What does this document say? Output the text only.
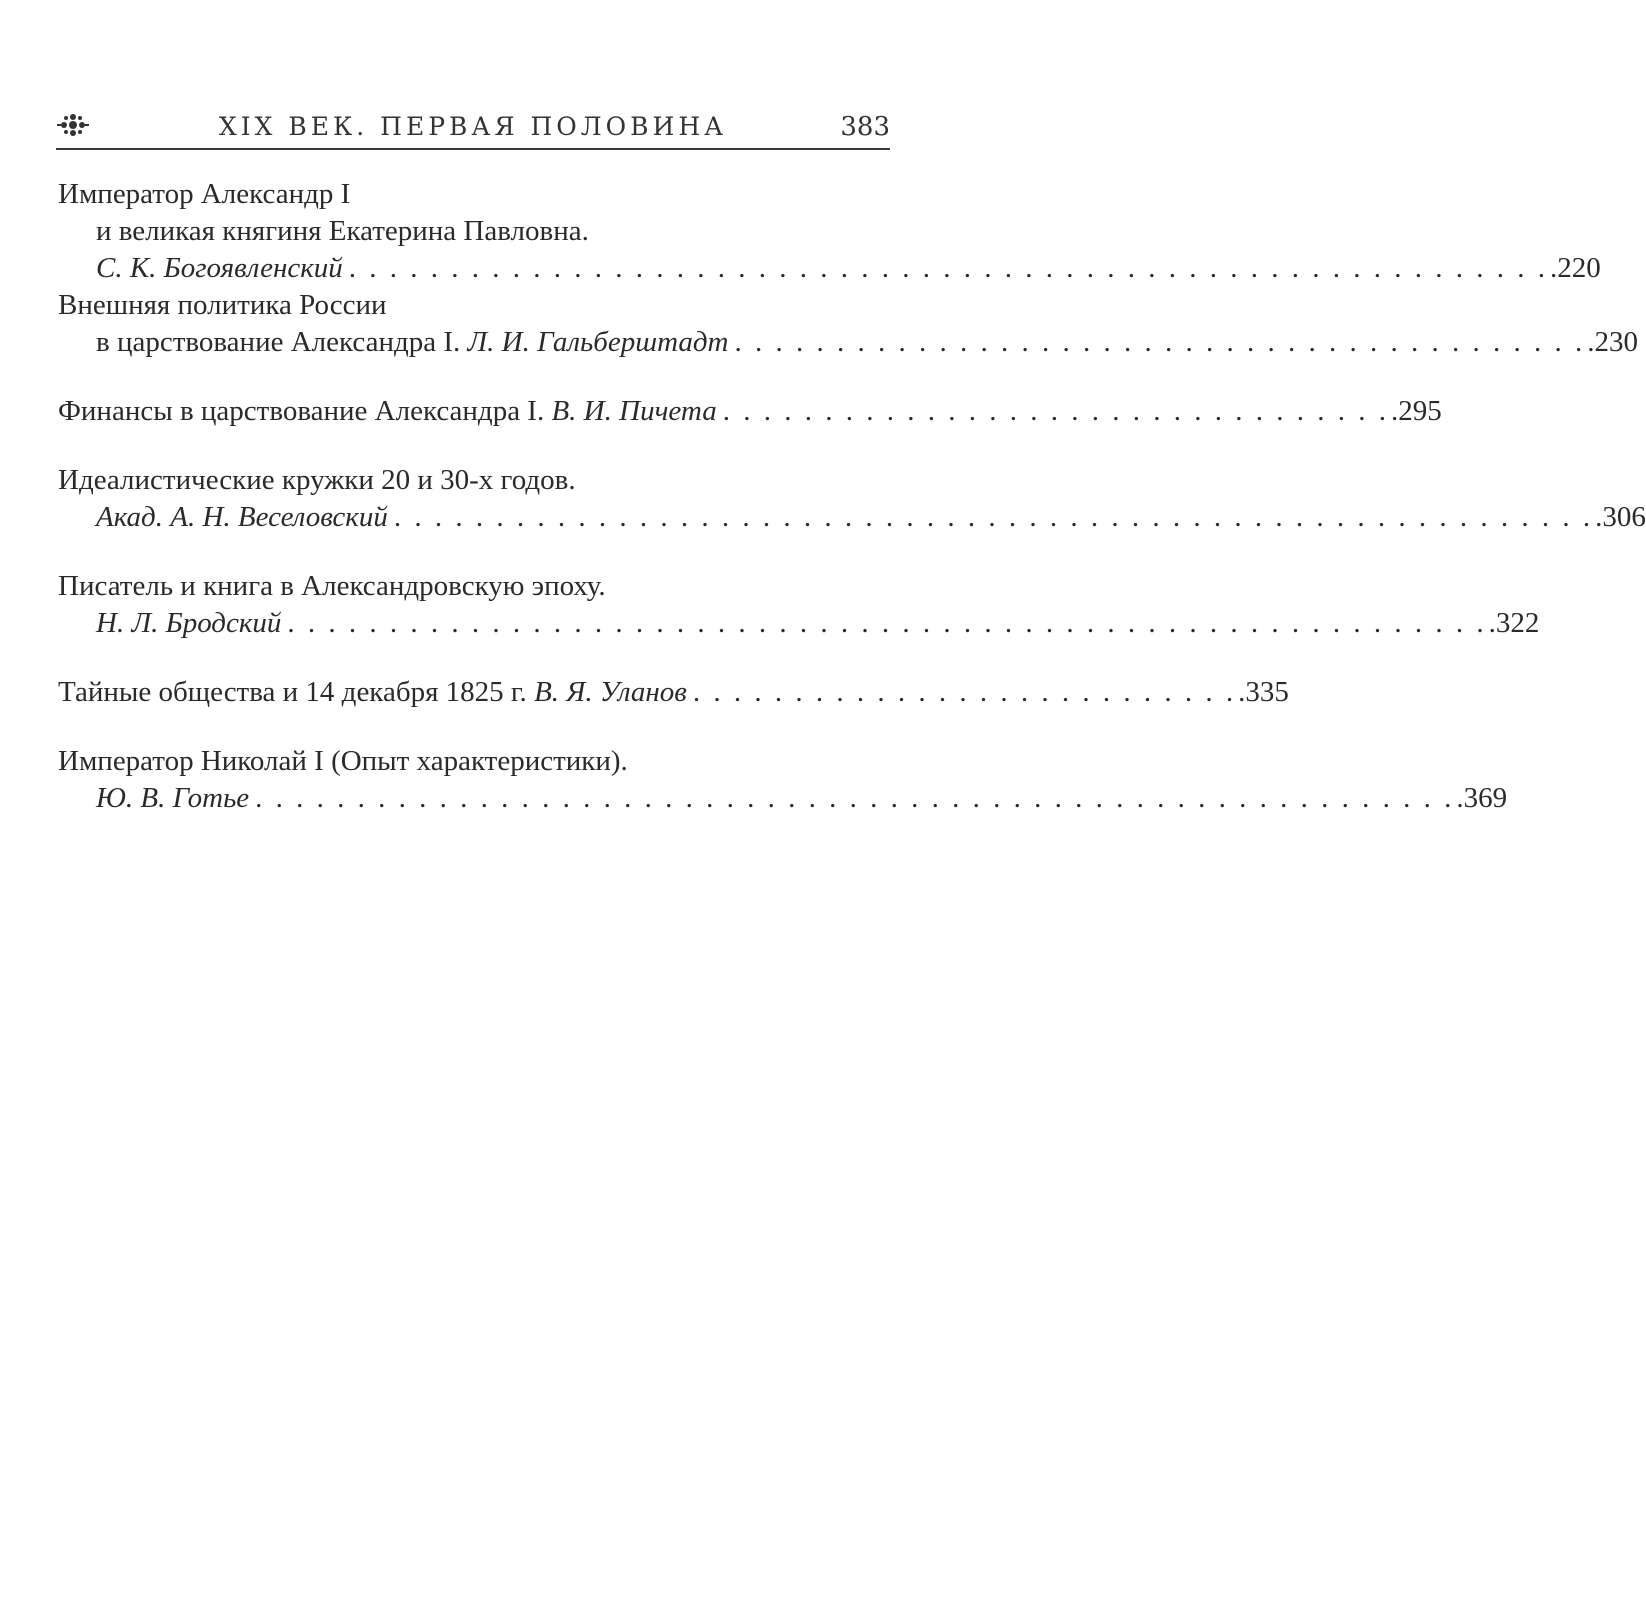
XIX ВЕК. ПЕРВАЯ ПОЛОВИНА	383
Император Александр I
и великая княгиня Екатерина Павловна.
С. К. Богоявленский . . . . . . . . . . . . . . . . . . . . . . . . . . . . . . . . . . . . . . . . . . . . . . . . . . . . . . . . . . . .220
Внешняя политика России
в царствование Александра I. Л. И. Гальберштадт . . . . . . . . . . . . . . . . . . . . . . . . . . . . . . . . . . . . . . . . . . .230
Финансы в царствование Александра I. В. И. Пичета . . . . . . . . . . . . . . . . . . . . . . . . . . . . . . . . . .295
Идеалистические кружки 20 и 30-х годов.
Акад. А. Н. Веселовский . . . . . . . . . . . . . . . . . . . . . . . . . . . . . . . . . . . . . . . . . . . . . . . . . . . . . . . . . . . .306
Писатель и книга в Александровскую эпоху.
Н. Л. Бродский . . . . . . . . . . . . . . . . . . . . . . . . . . . . . . . . . . . . . . . . . . . . . . . . . . . . . . . . . . . .322
Тайные общества и 14 декабря 1825 г. В. Я. Уланов . . . . . . . . . . . . . . . . . . . . . . . . . . . .335
Император Николай I (Опыт характеристики).
Ю. В. Готье . . . . . . . . . . . . . . . . . . . . . . . . . . . . . . . . . . . . . . . . . . . . . . . . . . . . . . . . . . . .369
